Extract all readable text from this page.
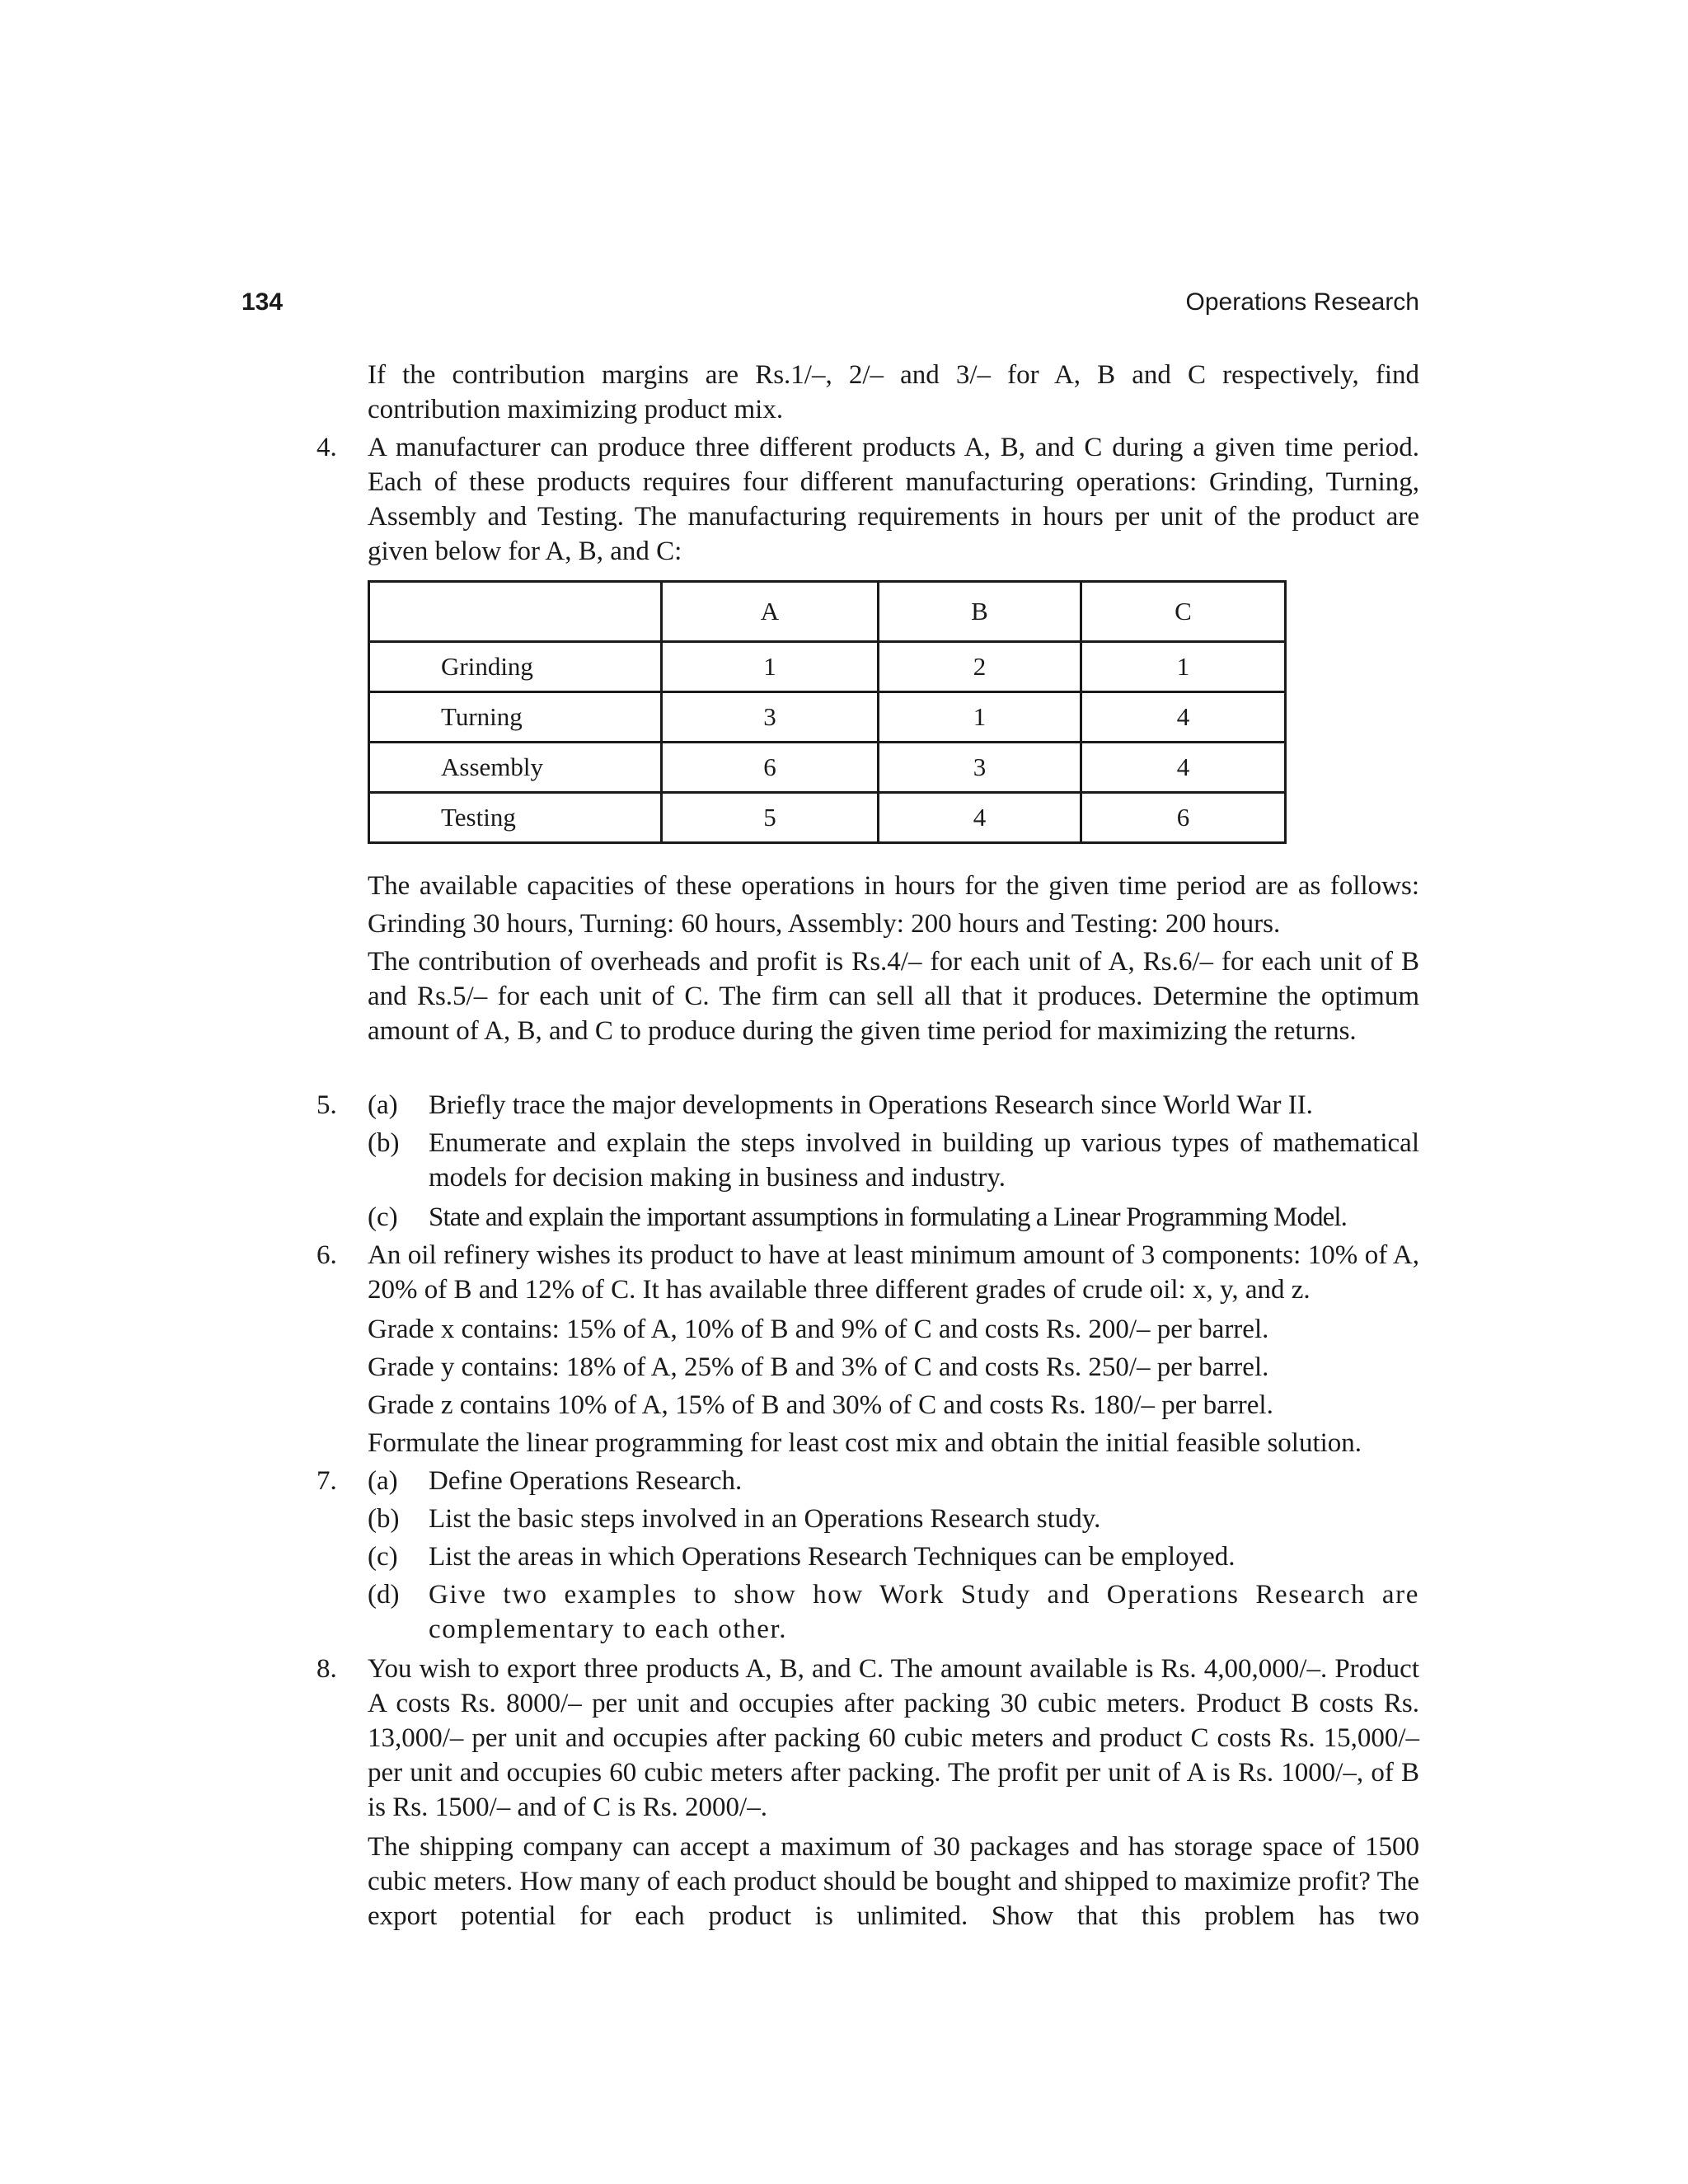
134	Operations Research
If the contribution margins are Rs.1/–, 2/– and 3/– for A, B and C respectively, find
contribution maximizing product mix.
4. A manufacturer can produce three different products A, B, and C during a given time period. Each of these products requires four different manufacturing operations: Grinding, Turning, Assembly and Testing. The manufacturing requirements in hours per unit of the product are given below for A, B, and C:
	A	B	C
Grinding	1	2	1
Turning	3	1	4
Assembly	6	3	4
Testing	5	4	6
The available capacities of these operations in hours for the given time period are as follows:
Grinding 30 hours, Turning: 60 hours, Assembly: 200 hours and Testing: 200 hours.
The contribution of overheads and profit is Rs.4/– for each unit of A, Rs.6/– for each unit of B and Rs.5/– for each unit of C. The firm can sell all that it produces. Determine the optimum amount of A, B, and C to produce during the given time period for maximizing the returns.
5. (a) Briefly trace the major developments in Operations Research since World War II.
(b) Enumerate and explain the steps involved in building up various types of mathematical models for decision making in business and industry.
(c) State and explain the important assumptions in formulating a Linear Programming Model.
6. An oil refinery wishes its product to have at least minimum amount of 3 components: 10% of A, 20% of B and 12% of C. It has available three different grades of crude oil: x, y, and z.
Grade x contains: 15% of A, 10% of B and 9% of C and costs Rs. 200/– per barrel.
Grade y contains: 18% of A, 25% of B and 3% of C and costs Rs. 250/– per barrel.
Grade z contains 10% of A, 15% of B and 30% of C and costs Rs. 180/– per barrel.
Formulate the linear programming for least cost mix and obtain the initial feasible solution.
7. (a) Define Operations Research.
(b) List the basic steps involved in an Operations Research study.
(c) List the areas in which Operations Research Techniques can be employed.
(d) Give two examples to show how Work Study and Operations Research are complementary to each other.
8. You wish to export three products A, B, and C. The amount available is Rs. 4,00,000/–. Product A costs Rs. 8000/– per unit and occupies after packing 30 cubic meters. Product B costs Rs. 13,000/– per unit and occupies after packing 60 cubic meters and product C costs Rs. 15,000/–per unit and occupies 60 cubic meters after packing. The profit per unit of A is Rs. 1000/–, of B is Rs. 1500/– and of C is Rs. 2000/–.
The shipping company can accept a maximum of 30 packages and has storage space of 1500 cubic meters. How many of each product should be bought and shipped to maximize profit? The export potential for each product is unlimited. Show that this problem has two
